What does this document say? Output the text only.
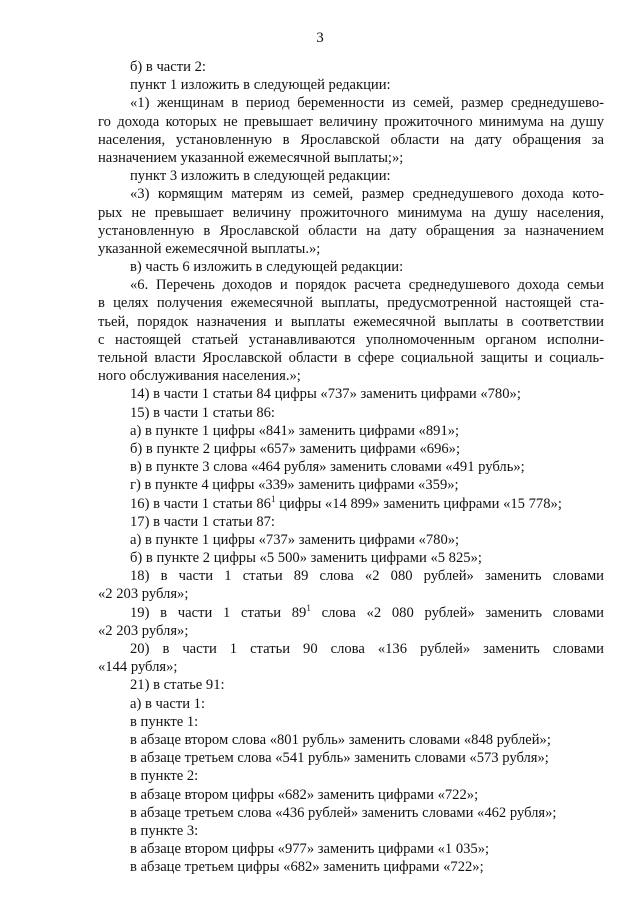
3
б) в части 2:
пункт 1 изложить в следующей редакции:
«1) женщинам в период беременности из семей, размер среднедушево-
го дохода которых не превышает величину прожиточного минимума на душу
населения, установленную в Ярославской области на дату обращения за
назначением указанной ежемесячной выплаты;»;
пункт 3 изложить в следующей редакции:
«3) кормящим матерям из семей, размер среднедушевого дохода кото-
рых не превышает величину прожиточного минимума на душу населения,
установленную в Ярославской области на дату обращения за назначением
указанной ежемесячной выплаты.»;
в) часть 6 изложить в следующей редакции:
«6. Перечень доходов и порядок расчета среднедушевого дохода семьи
в целях получения ежемесячной выплаты, предусмотренной настоящей ста-
тьей, порядок назначения и выплаты ежемесячной выплаты в соответствии
с настоящей статьей устанавливаются уполномоченным органом исполни-
тельной власти Ярославской области в сфере социальной защиты и социаль-
ного обслуживания населения.»;
14) в части 1 статьи 84 цифры «737» заменить цифрами «780»;
15) в части 1 статьи 86:
а) в пункте 1 цифры «841» заменить цифрами «891»;
б) в пункте 2 цифры «657» заменить цифрами «696»;
в) в пункте 3 слова «464 рубля» заменить словами «491 рубль»;
г) в пункте 4 цифры «339» заменить цифрами «359»;
16) в части 1 статьи $86^1$ цифры «14 899» заменить цифрами «15 778»;
17) в части 1 статьи 87:
а) в пункте 1 цифры «737» заменить цифрами «780»;
б) в пункте 2 цифры «5 500» заменить цифрами «5 825»;
18) в части 1 статьи 89 слова «2 080 рублей» заменить словами
«2 203 рубля»;
19) в части 1 статьи $89^1$ слова «2 080 рублей» заменить словами
«2 203 рубля»;
20) в части 1 статьи 90 слова «136 рублей» заменить словами
«144 рубля»;
21) в статье 91:
а) в части 1:
в пункте 1:
в абзаце втором слова «801 рубль» заменить словами «848 рублей»;
в абзаце третьем слова «541 рубль» заменить словами «573 рубля»;
в пункте 2:
в абзаце втором цифры «682» заменить цифрами «722»;
в абзаце третьем слова «436 рублей» заменить словами «462 рубля»;
в пункте 3:
в абзаце втором цифры «977» заменить цифрами «1 035»;
в абзаце третьем цифры «682» заменить цифрами «722»;
